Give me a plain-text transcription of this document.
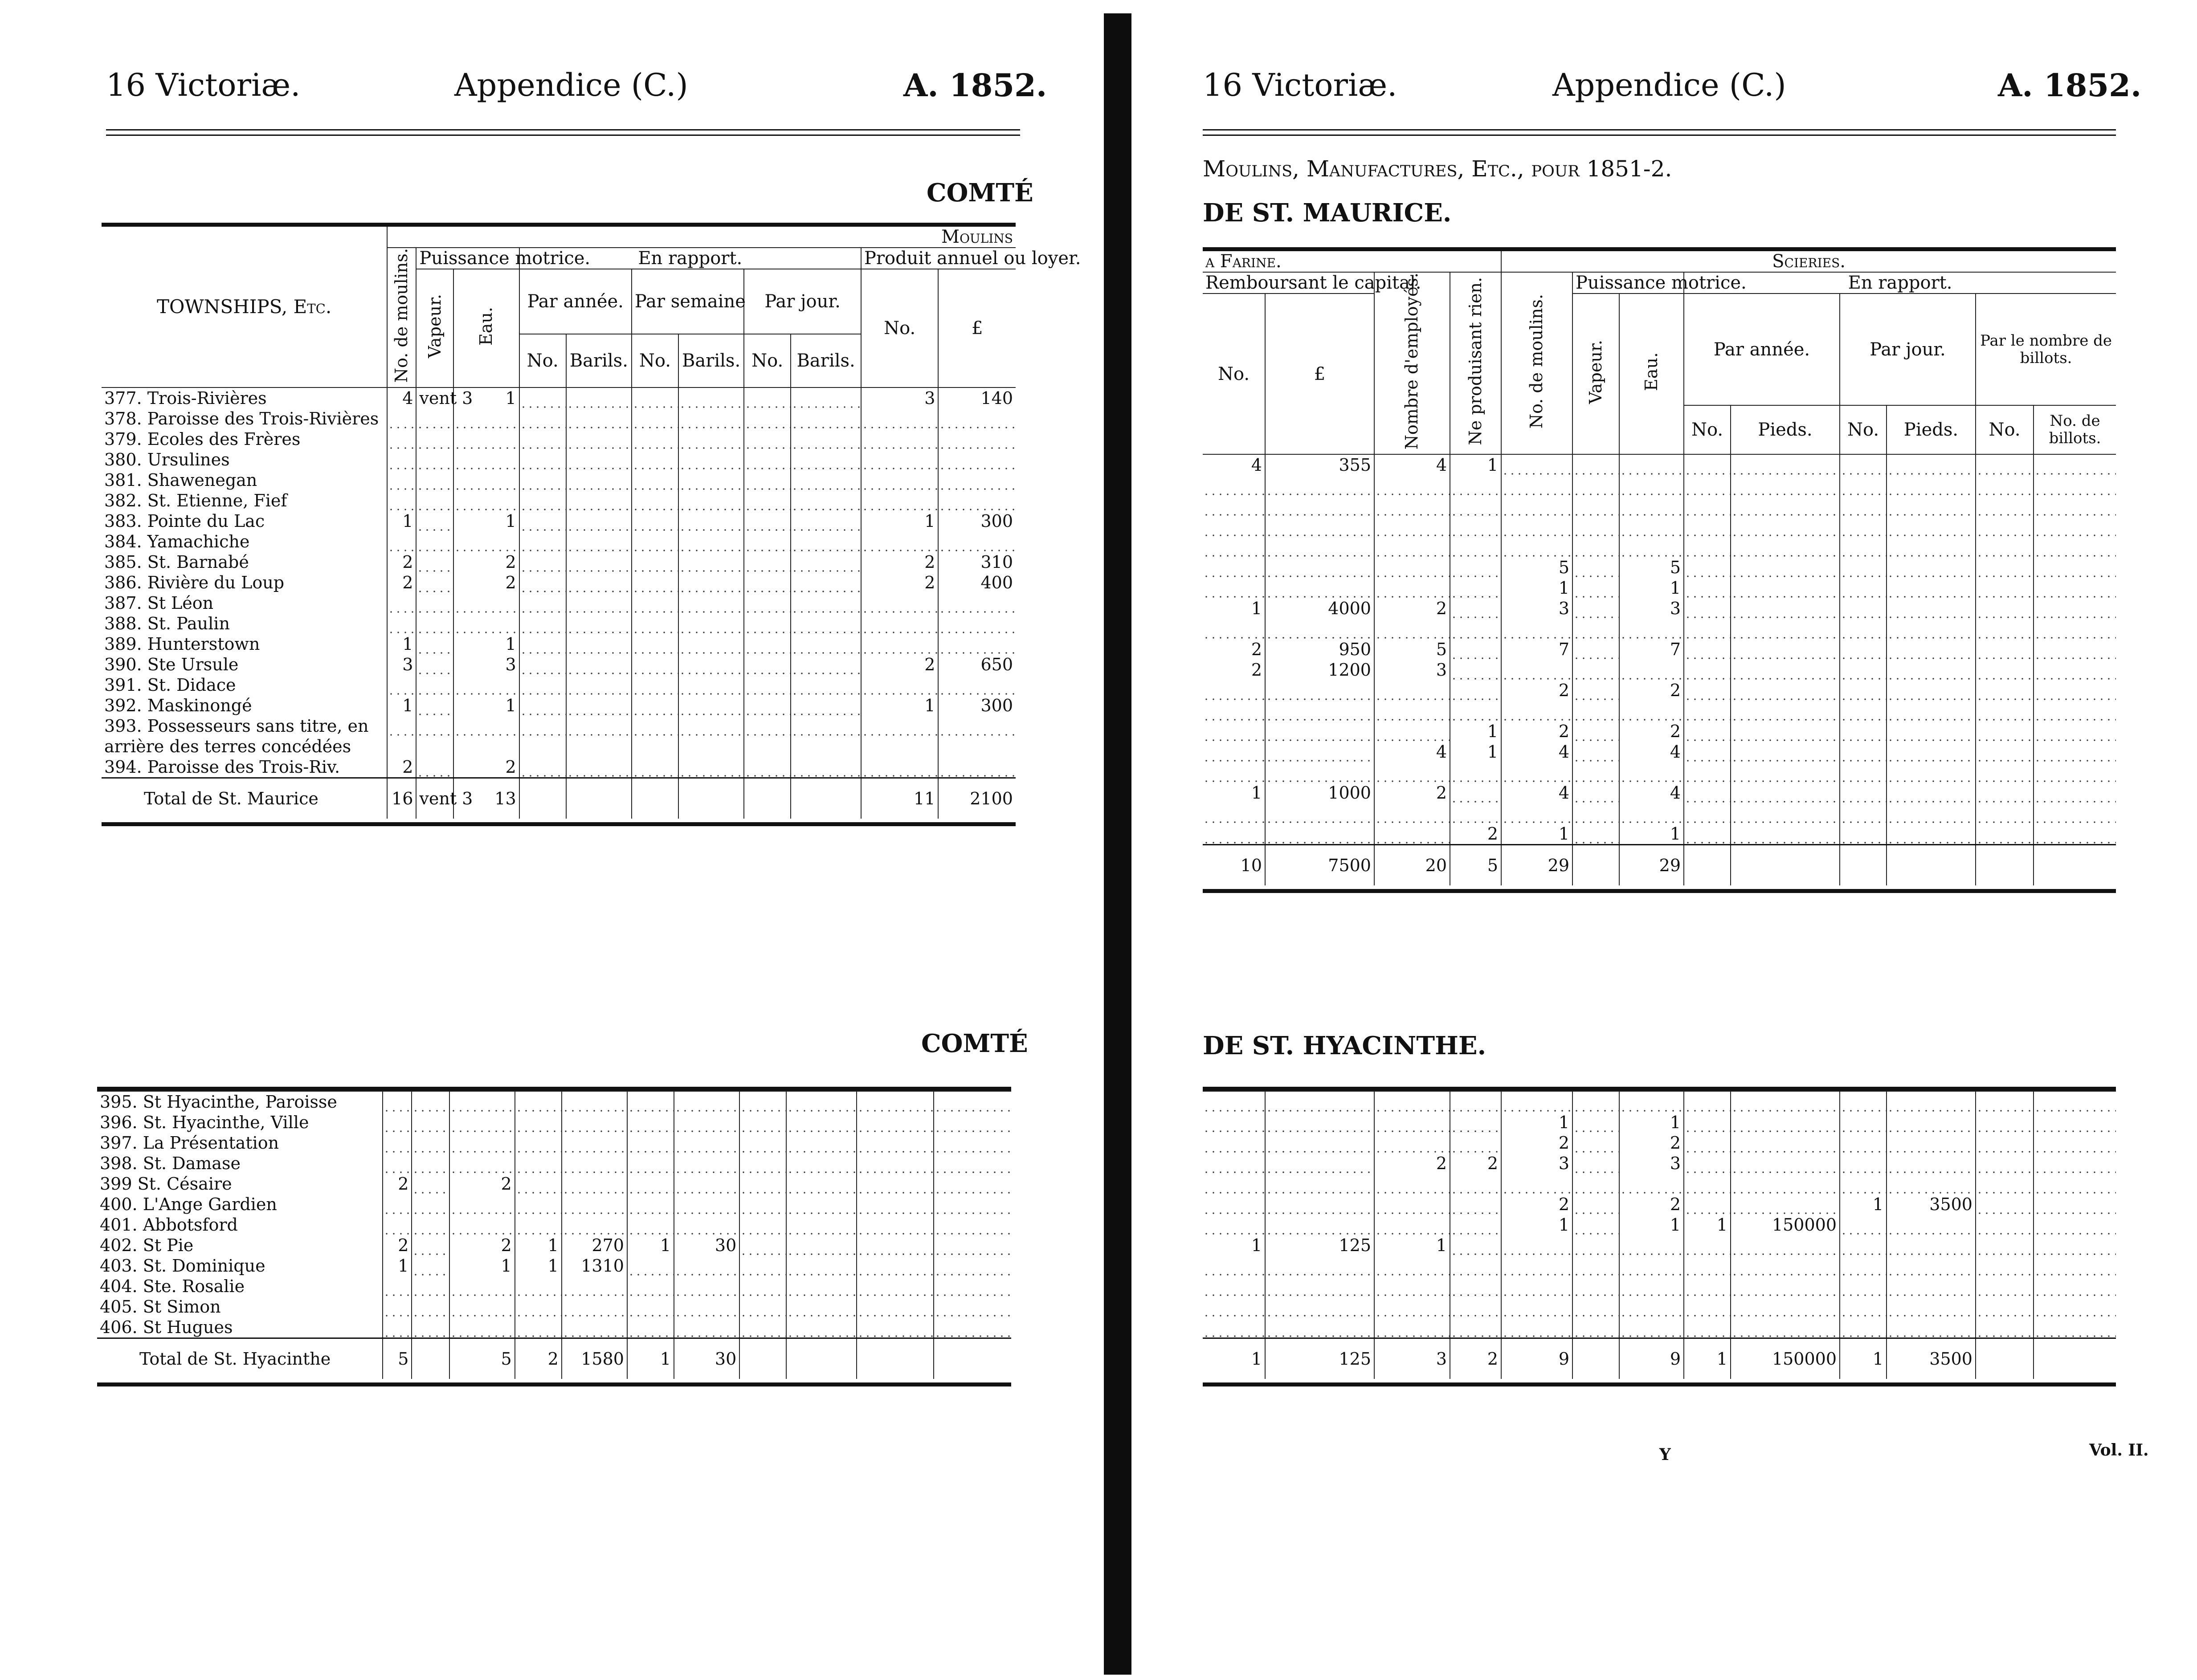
16 Victoriæ.	Appendice (C.)	A. 1852.
COMTÉ
TOWNSHIPS, Etc.	Moulins										
	No. de moulins.	Puissance motrice.		En rapport.						Produit annuel ou loyer.	
		Vapeur.	Eau.	Par année.		Par semaine		Par jour.		No.	£
				No.	Barils.	No.	Barils.	No.	Barils.		
377. Trois-Rivières	4	vent 3	1							3	140
378. Paroisse des Trois-Rivières											
379. Ecoles des Frères											
380. Ursulines											
381. Shawenegan											
382. St. Etienne, Fief											
383. Pointe du Lac	1		1							1	300
384. Yamachiche											
385. St. Barnabé	2		2							2	310
386. Rivière du Loup	2		2							2	400
387. St Léon											
388. St. Paulin											
389. Hunterstown	1		1								
390. Ste Ursule	3		3							2	650
391. St. Didace											
392. Maskinongé	1		1							1	300
393. Possesseurs sans titre, en arrière des terres concédées											
394. Paroisse des Trois-Riv.	2		2								
Total de St. Maurice	16	vent 3	13							11	2100
COMTÉ

395. St Hyacinthe, Paroisse											
396. St. Hyacinthe, Ville											
397. La Présentation											
398. St. Damase											
399 St. Césaire	2		2								
400. L'Ange Gardien											
401. Abbotsford											
402. St Pie	2		2	1	270	1	30				
403. St. Dominique	1		1	1	1310						
404. Ste. Rosalie											
405. St Simon											
406. St Hugues											
Total de St. Hyacinthe	5		5	2	1580	1	30				
16 Victoriæ.	Appendice (C.)	A. 1852.
Moulins, Manufactures, Etc., pour 1851-2.
DE ST. MAURICE.
a Farine.				Scieries.								
Remboursant le capital.		Nombre d'employés.	Ne produisant rien.	No. de moulins.	Puissance motrice.		En rapport.					
No.	£				Vapeur.	Eau.	Par année.		Par jour.		Par le nombre de billots.	
							No.	Pieds.	No.	Pieds.	No.	No. de billots.
4	355	4	1									

				5		5						
				1		1						
1	4000	2		3		3						

2	950	5		7		7						
2	1200	3										
				2		2						

			1	2		2						
		4	1	4		4						

1	1000	2		4		4						

			2	1		1						
10	7500	20	5	29		29						
DE ST. HYACINTHE.

				1		1						
				2		2						
		2	2	3		3						

				2		2			1	3500		
				1		1	1	150000				
1	125	1										

1	125	3	2	9		9	1	150000	1	3500		
Y	Vol. II.
